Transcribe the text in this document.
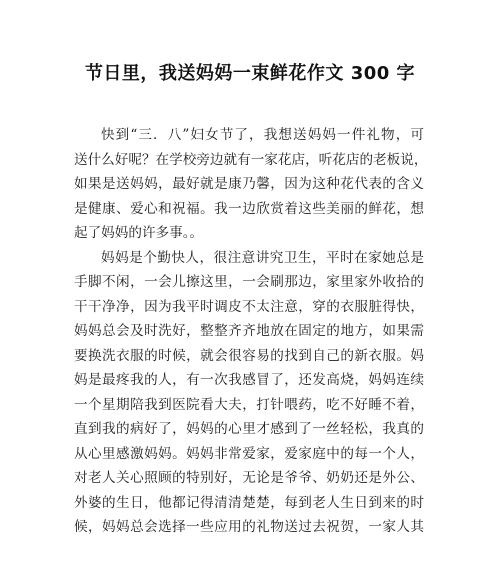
节日里，我送妈妈一束鲜花作文 300 字
快到“三．八”妇女节了，我想送妈妈一件礼物，可
送什么好呢？在学校旁边就有一家花店，听花店的老板说，
如果是送妈妈，最好就是康乃馨，因为这种花代表的含义
是健康、爱心和祝福。我一边欣赏着这些美丽的鲜花，想
起了妈妈的许多事。。
妈妈是个勤快人，很注意讲究卫生，平时在家她总是
手脚不闲，一会儿擦这里，一会刷那边，家里家外收拾的
干干净净，因为我平时调皮不太注意，穿的衣服脏得快，
妈妈总会及时洗好，整整齐齐地放在固定的地方，如果需
要换洗衣服的时候，就会很容易的找到自己的新衣服。妈
妈是最疼我的人，有一次我感冒了，还发高烧，妈妈连续
一个星期陪我到医院看大夫，打针喂药，吃不好睡不着，
直到我的病好了，妈妈的心里才感到了一丝轻松，我真的
从心里感激妈妈。妈妈非常爱家，爱家庭中的每一个人，
对老人关心照顾的特别好，无论是爷爷、奶奶还是外公、
外婆的生日，他都记得清清楚楚，每到老人生日到来的时
候，妈妈总会选择一些应用的礼物送过去祝贺，一家人其
